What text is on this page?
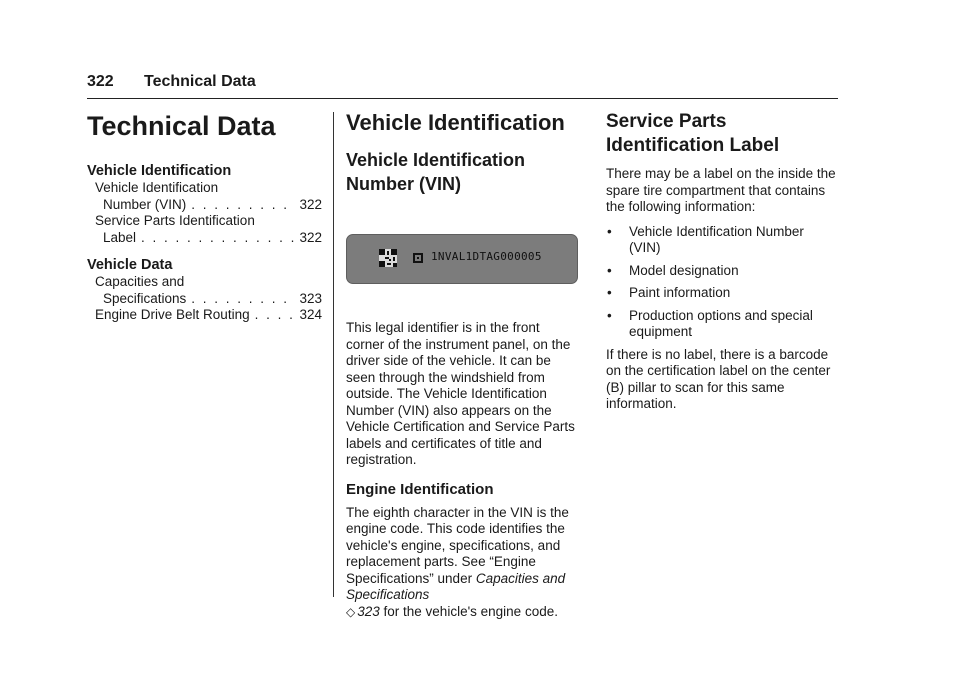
322 Technical Data
Technical Data
Vehicle Identification
Vehicle Identification
Number (VIN) . . .	322
Service Parts Identification
Label . . .	322
Vehicle Data
Capacities and
Specifications . . .	323
Engine Drive Belt Routing . . .	324
Vehicle Identification
Vehicle Identification
Number (VIN)
1NVAL1DTAG000005

This legal identifier is in the front corner of the instrument panel, on the driver side of the vehicle. It can be seen through the windshield from outside. The Vehicle Identification Number (VIN) also appears on the Vehicle Certification and Service Parts labels and certificates of title and registration.

Engine Identification

The eighth character in the VIN is the engine code. This code identifies the vehicle's engine, specifications, and replacement parts. See “Engine Specifications” under Capacities and Specifications
◇ 323 for the vehicle's engine code.

Service Parts
Identification Label

There may be a label on the inside the spare tire compartment that contains the following information:

• Vehicle Identification Number (VIN)
• Model designation
• Paint information
• Production options and special equipment

If there is no label, there is a barcode on the certification label on the center (B) pillar to scan for this same information.
